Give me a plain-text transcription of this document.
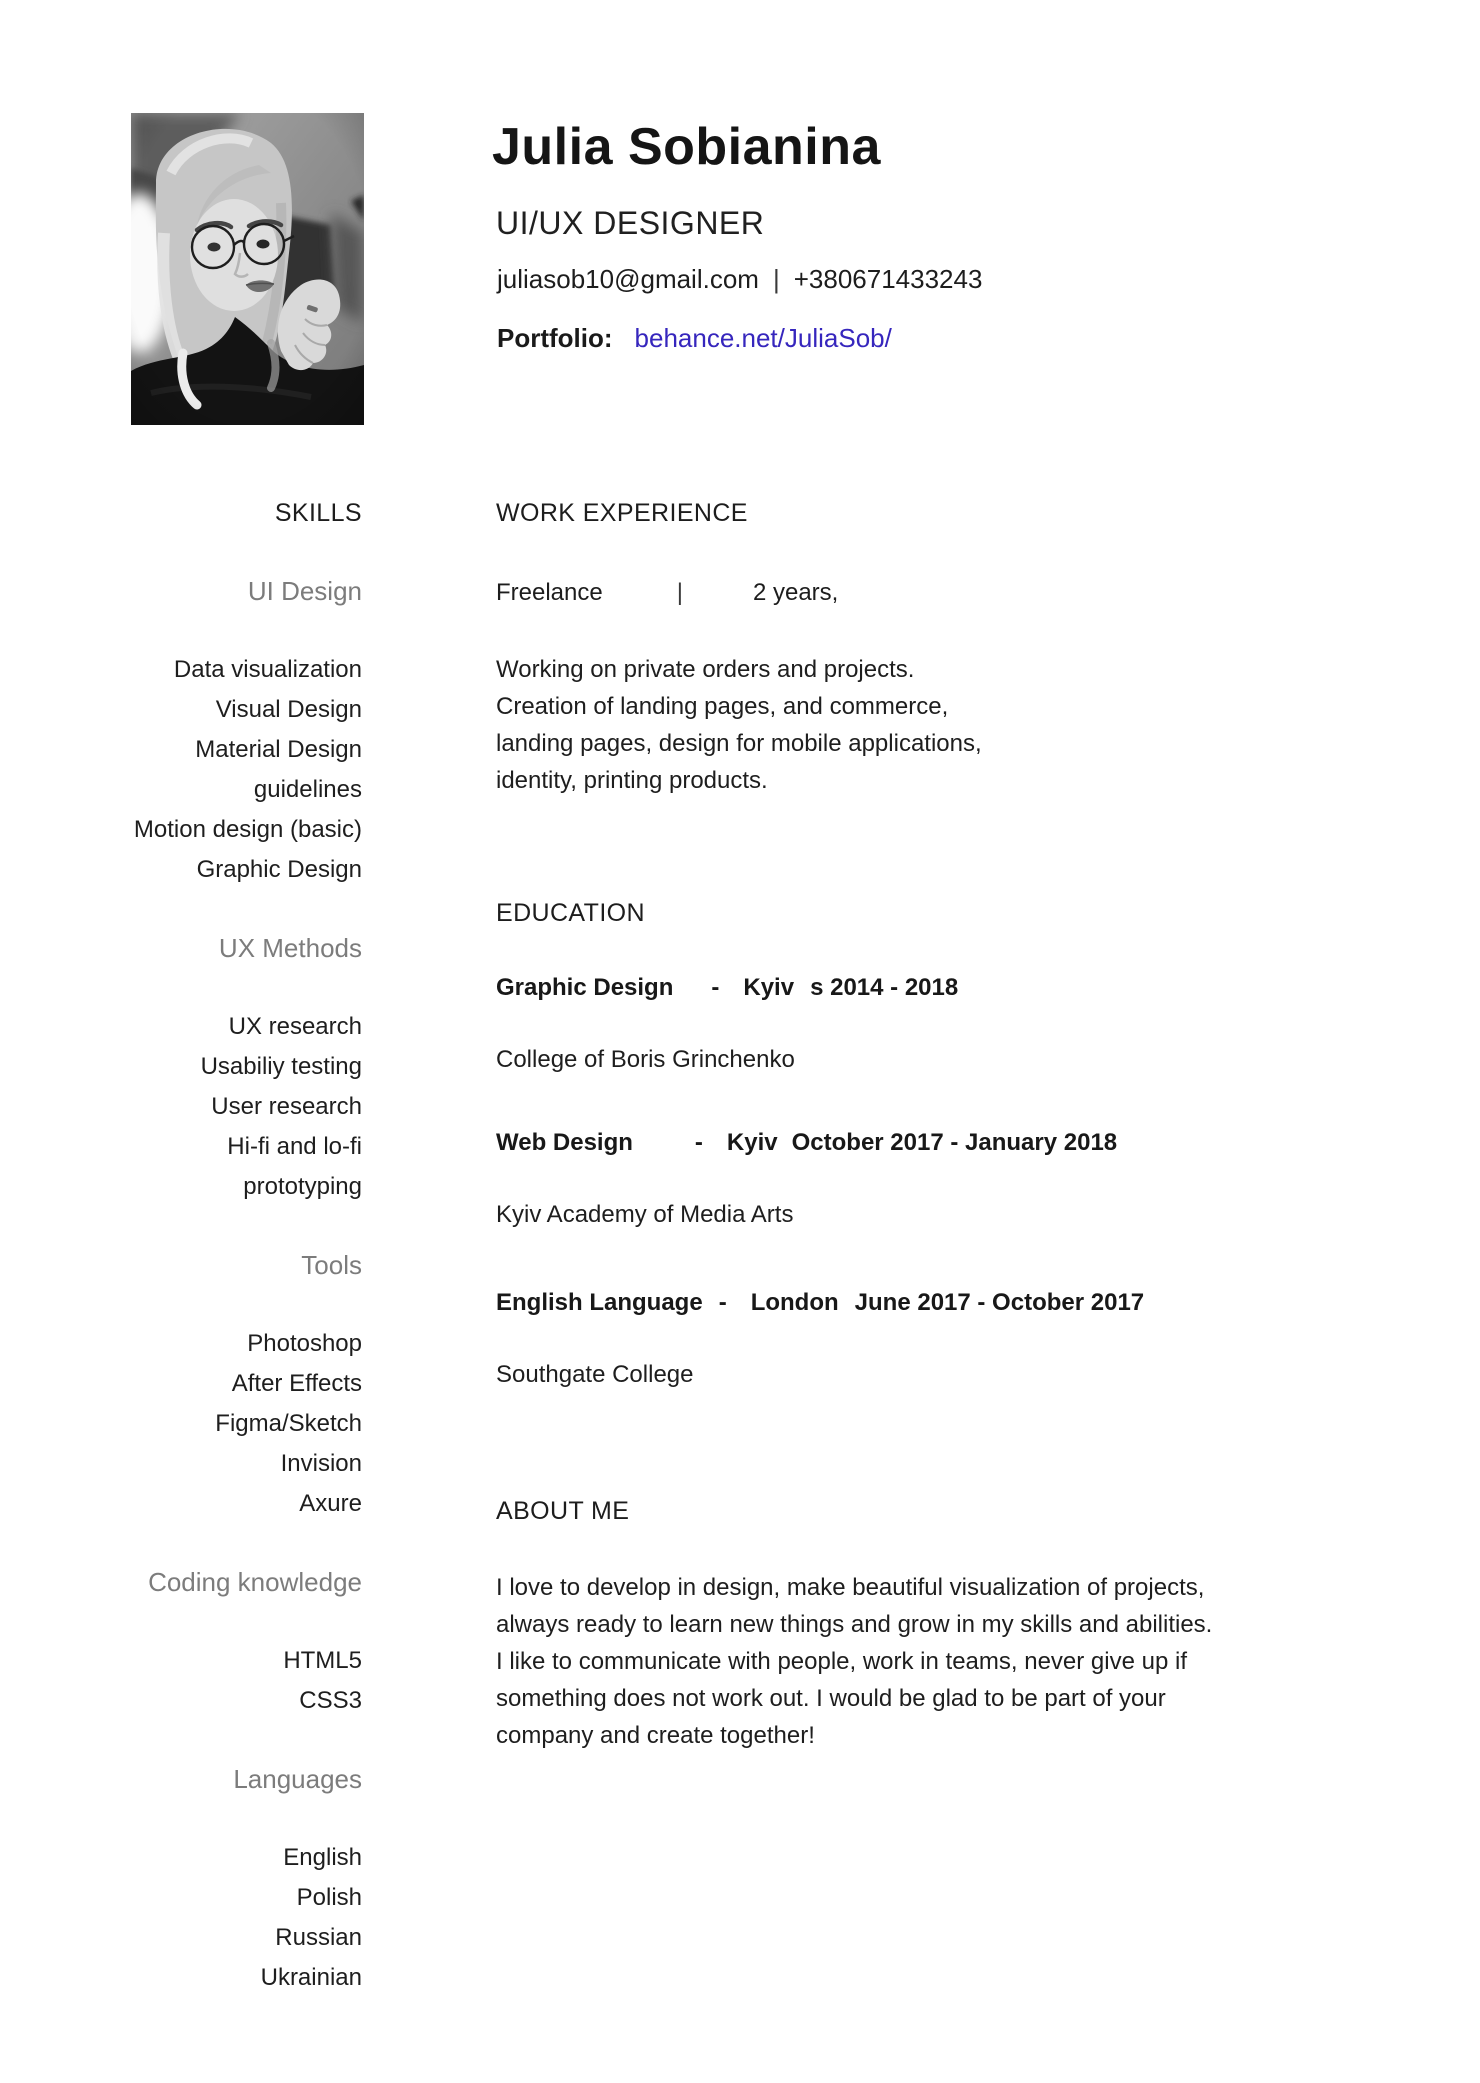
Julia Sobianina
UI/UX DESIGNER
juliasob10@gmail.com | +380671433243
Portfolio: behance.net/JuliaSob/
SKILLS
UI Design
Data visualization
Visual Design
Material Design
guidelines
Motion design (basic)
Graphic Design
UX Methods
UX research
Usabiliy testing
User research
Hi-fi and lo-fi
prototyping
Tools
Photoshop
After Effects
Figma/Sketch
Invision
Axure
Coding knowledge
HTML5
CSS3
Languages
English
Polish
Russian
Ukrainian
WORK EXPERIENCE
Freelance	|	2 years,
Working on private orders and projects.
Creation of landing pages, and commerce,
landing pages, design for mobile applications,
identity, printing products.
EDUCATION
Graphic Design - Kyiv s 2014 - 2018
College of Boris Grinchenko
Web Design	- Kyiv October 2017 - January 2018
Kyiv Academy of Media Arts
English Language - London June 2017 - October 2017
Southgate College
ABOUT ME
I love to develop in design, make beautiful visualization of projects,
always ready to learn new things and grow in my skills and abilities.
I like to communicate with people, work in teams, never give up if
something does not work out. I would be glad to be part of your
company and create together!
